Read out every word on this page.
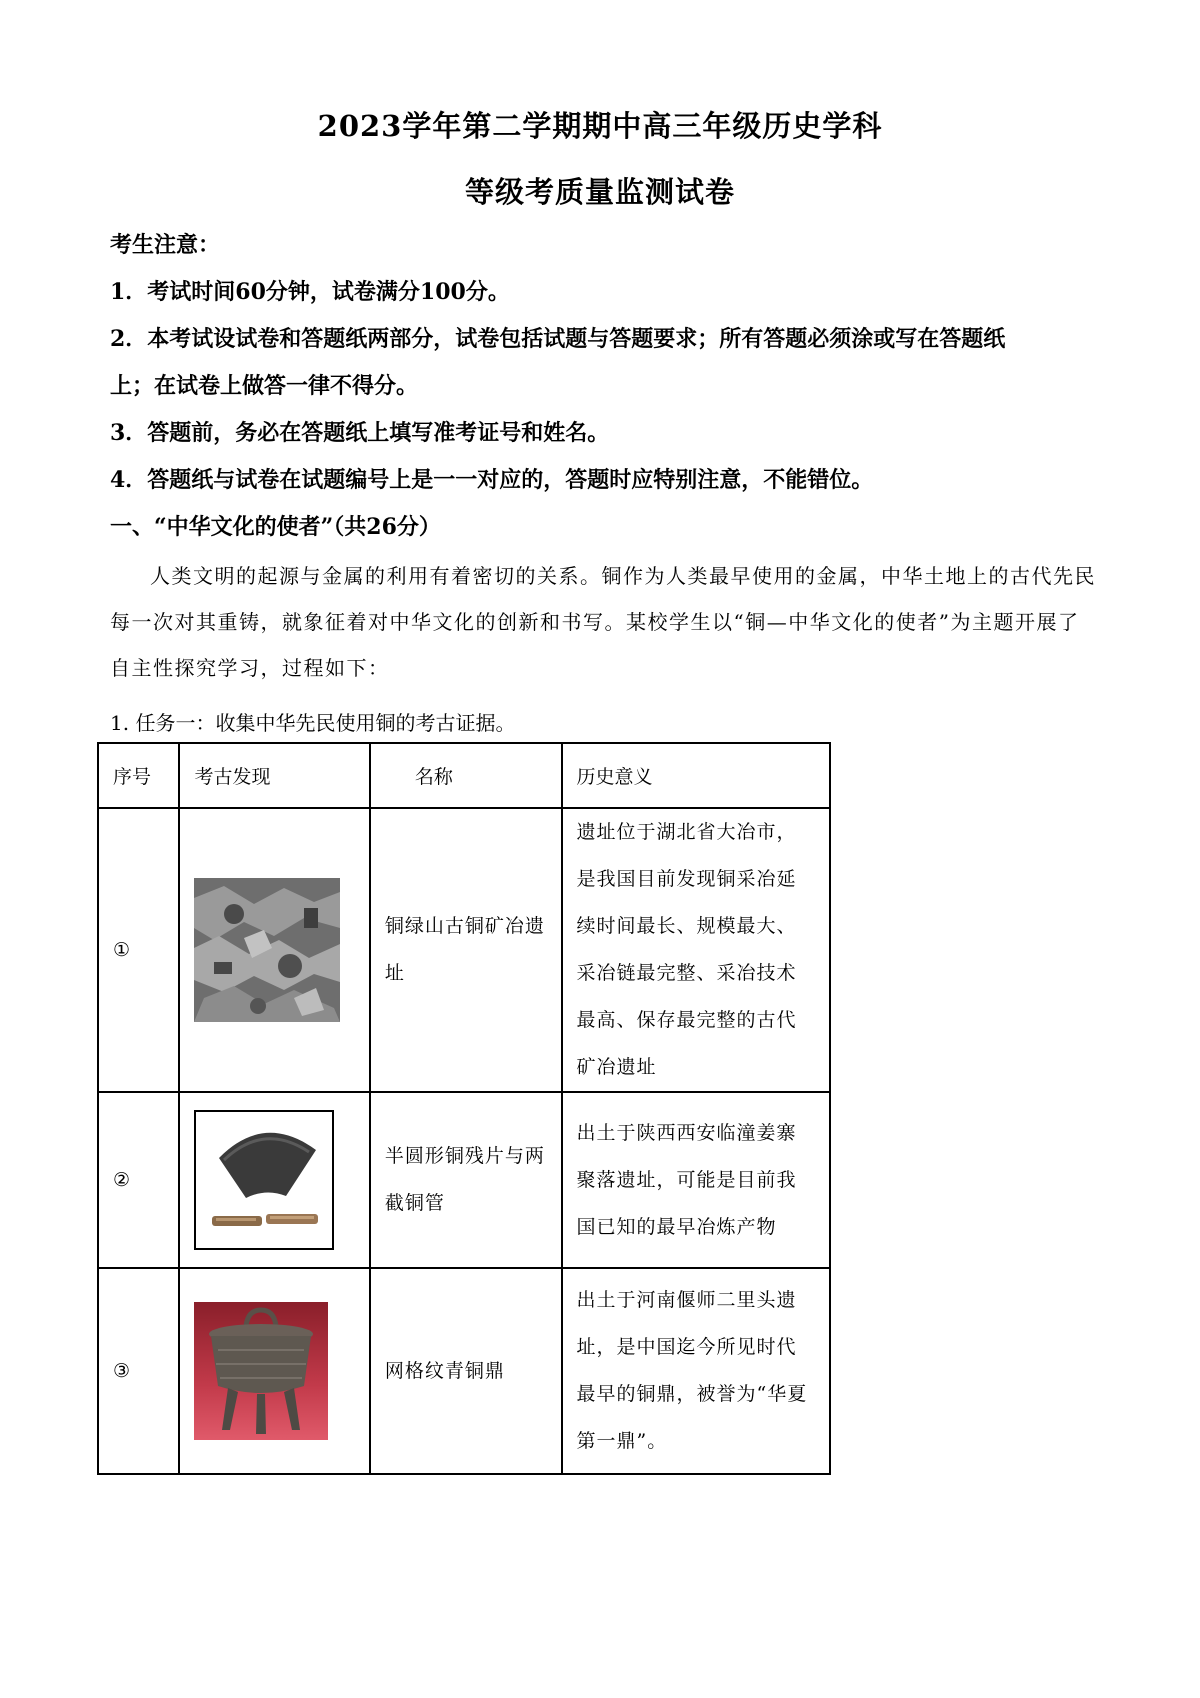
2023学年第二学期期中高三年级历史学科
等级考质量监测试卷
考生注意：
1．考试时间60分钟，试卷满分100分。
2．本考试设试卷和答题纸两部分，试卷包括试题与答题要求；所有答题必须涂或写在答题纸
上；在试卷上做答一律不得分。
3．答题前，务必在答题纸上填写准考证号和姓名。
4．答题纸与试卷在试题编号上是一一对应的，答题时应特别注意，不能错位。
一、“中华文化的使者”（共26分）
人类文明的起源与金属的利用有着密切的关系。铜作为人类最早使用的金属，中华土地上的古代先民每一次对其重铸，就象征着对中华文化的创新和书写。某校学生以“铜—中华文化的使者”为主题开展了自主性探究学习，过程如下：
1. 任务一：收集中华先民使用铜的考古证据。
序号	考古发现	名称	历史意义
①		铜绿山古铜矿冶遗址	遗址位于湖北省大冶市，是我国目前发现铜采冶延续时间最长、规模最大、采冶链最完整、采冶技术最高、保存最完整的古代矿冶遗址
②		半圆形铜残片与两截铜管	出土于陕西西安临潼姜寨聚落遗址，可能是目前我国已知的最早冶炼产物
③		网格纹青铜鼎	出土于河南偃师二里头遗址，是中国迄今所见时代最早的铜鼎，被誉为“华夏第一鼎”。
